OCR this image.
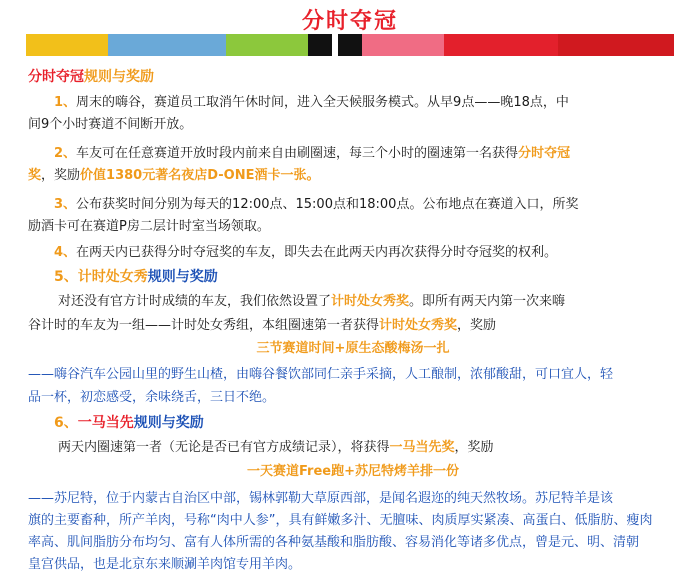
分时夺冠
分时夺冠规则与奖励
1、周末的嗨谷，赛道员工取消午休时间，进入全天候服务模式。从早9点——晚18点，中
间9个小时赛道不间断开放。
2、车友可在任意赛道开放时段内前来自由刷圈速，每三个小时的圈速第一名获得分时夺冠
奖，奖励价值1380元著名夜店D-ONE酒卡一张。
3、公布获奖时间分别为每天的12:00点、15:00点和18:00点。公布地点在赛道入口，所奖
励酒卡可在赛道P房二层计时室当场领取。
4、在两天内已获得分时夺冠奖的车友，即失去在此两天内再次获得分时夺冠奖的权利。
5、计时处女秀规则与奖励
对还没有官方计时成绩的车友，我们依然设置了计时处女秀奖。即所有两天内第一次来嗨
谷计时的车友为一组——计时处女秀组，本组圈速第一者获得计时处女秀奖，奖励
三节赛道时间+原生态酸梅汤一扎
——嗨谷汽车公园山里的野生山楂，由嗨谷餐饮部同仁亲手采摘，人工酿制，浓郁酸甜，可口宜人，轻
品一杯，初恋感受，余味绕舌，三日不绝。
6、一马当先规则与奖励
两天内圈速第一者（无论是否已有官方成绩记录），将获得一马当先奖，奖励
一天赛道Free跑+苏尼特烤羊排一份
——苏尼特，位于内蒙古自治区中部，锡林郭勒大草原西部，是闻名遐迩的纯天然牧场。苏尼特羊是该
旗的主要畜种，所产羊肉，号称“肉中人参”，具有鲜嫩多汁、无膻味、肉质厚实紧凑、高蛋白、低脂肪、瘦肉
率高、肌间脂肪分布均匀、富有人体所需的各种氨基酸和脂肪酸、容易消化等诸多优点，曾是元、明、清朝
皇宫供品，也是北京东来顺涮羊肉馆专用羊肉。
